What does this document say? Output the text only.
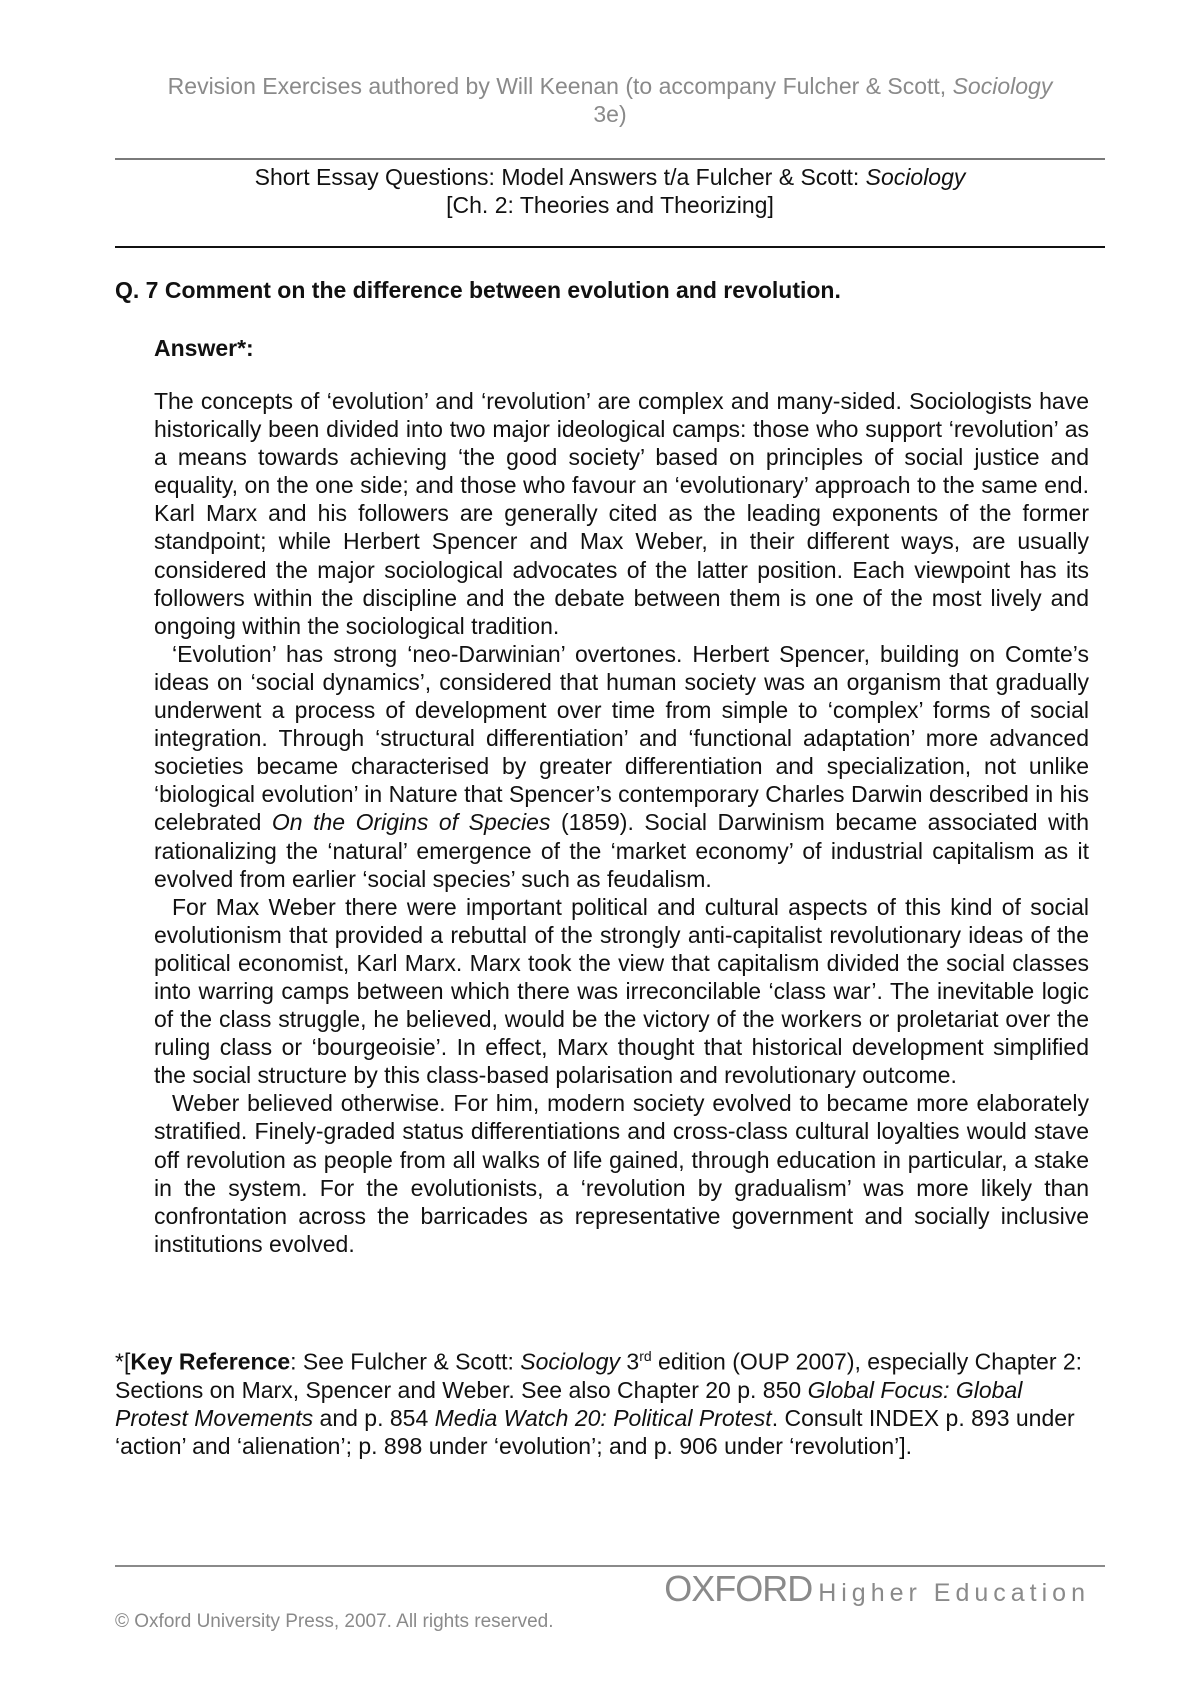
Revision Exercises authored by Will Keenan (to accompany Fulcher & Scott, Sociology
3e)
Short Essay Questions: Model Answers t/a Fulcher & Scott: Sociology
[Ch. 2: Theories and Theorizing]
Q. 7 Comment on the difference between evolution and revolution.
Answer*:

The concepts of ‘evolution’ and ‘revolution’ are complex and many-sided. Sociologists have historically been divided into two major ideological camps: those who support ‘revolution’ as a means towards achieving ‘the good society’ based on principles of social justice and equality, on the one side; and those who favour an ‘evolutionary’ approach to the same end. Karl Marx and his followers are generally cited as the leading exponents of the former standpoint; while Herbert Spencer and Max Weber, in their different ways, are usually considered the major sociological advocates of the latter position. Each viewpoint has its followers within the discipline and the debate between them is one of the most lively and ongoing within the sociological tradition.

‘Evolution’ has strong ‘neo-Darwinian’ overtones. Herbert Spencer, building on Comte’s ideas on ‘social dynamics’, considered that human society was an organism that gradually underwent a process of development over time from simple to ‘complex’ forms of social integration. Through ‘structural differentiation’ and ‘functional adaptation’ more advanced societies became characterised by greater differentiation and specialization, not unlike ‘biological evolution’ in Nature that Spencer’s contemporary Charles Darwin described in his celebrated On the Origins of Species (1859). Social Darwinism became associated with rationalizing the ‘natural’ emergence of the ‘market economy’ of industrial capitalism as it evolved from earlier ‘social species’ such as feudalism.

For Max Weber there were important political and cultural aspects of this kind of social evolutionism that provided a rebuttal of the strongly anti-capitalist revolutionary ideas of the political economist, Karl Marx. Marx took the view that capitalism divided the social classes into warring camps between which there was irreconcilable ‘class war’. The inevitable logic of the class struggle, he believed, would be the victory of the workers or proletariat over the ruling class or ‘bourgeoisie’. In effect, Marx thought that historical development simplified the social structure by this class-based polarisation and revolutionary outcome.

Weber believed otherwise. For him, modern society evolved to became more elaborately stratified. Finely-graded status differentiations and cross-class cultural loyalties would stave off revolution as people from all walks of life gained, through education in particular, a stake in the system. For the evolutionists, a ‘revolution by gradualism’ was more likely than confrontation across the barricades as representative government and socially inclusive institutions evolved.

*[Key Reference: See Fulcher & Scott: Sociology 3rd edition (OUP 2007), especially Chapter 2: Sections on Marx, Spencer and Weber. See also Chapter 20 p. 850 Global Focus: Global Protest Movements and p. 854 Media Watch 20: Political Protest. Consult INDEX p. 893 under ‘action’ and ‘alienation’; p. 898 under ‘evolution’; and p. 906 under ‘revolution’].
OXFORD Higher Education
© Oxford University Press, 2007. All rights reserved.
